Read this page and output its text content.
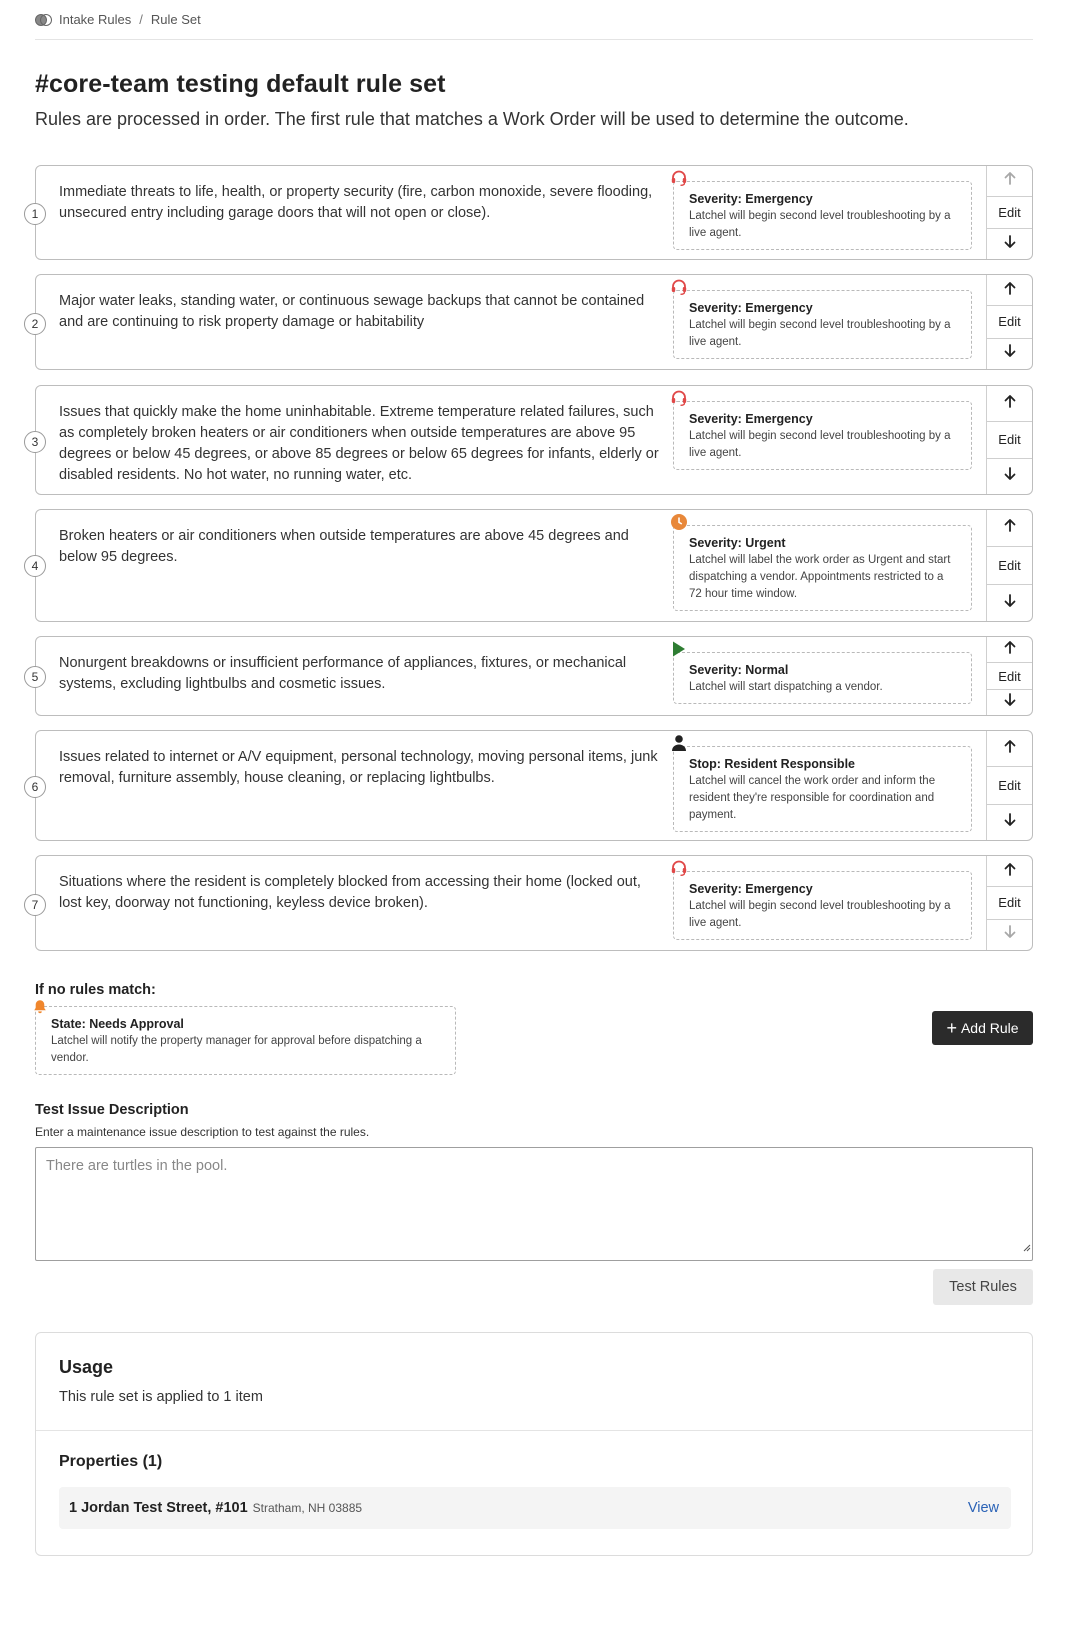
Intake Rules / Rule Set
#core-team testing default rule set

Rules are processed in order. The first rule that matches a Work Order will be used to determine the outcome.

1
Immediate threats to life, health, or property security (fire, carbon monoxide, severe flooding, unsecured entry including garage doors that will not open or close).
Severity: Emergency
Latchel will begin second level troubleshooting by a live agent.
Edit
2
Major water leaks, standing water, or continuous sewage backups that cannot be contained and are continuing to risk property damage or habitability
Severity: Emergency
Latchel will begin second level troubleshooting by a live agent.
Edit
3
Issues that quickly make the home uninhabitable. Extreme temperature related failures, such as completely broken heaters or air conditioners when outside temperatures are above 95 degrees or below 45 degrees, or above 85 degrees or below 65 degrees for infants, elderly or disabled residents. No hot water, no running water, etc.
Severity: Emergency
Latchel will begin second level troubleshooting by a live agent.
Edit
4
Broken heaters or air conditioners when outside temperatures are above 45 degrees and below 95 degrees.
Severity: Urgent
Latchel will label the work order as Urgent and start dispatching a vendor. Appointments restricted to a 72 hour time window.
Edit
5
Nonurgent breakdowns or insufficient performance of appliances, fixtures, or mechanical systems, excluding lightbulbs and cosmetic issues.
Severity: Normal
Latchel will start dispatching a vendor.
Edit
6
Issues related to internet or A/V equipment, personal technology, moving personal items, junk removal, furniture assembly, house cleaning, or replacing lightbulbs.
Stop: Resident Responsible
Latchel will cancel the work order and inform the resident they're responsible for coordination and payment.
Edit
7
Situations where the resident is completely blocked from accessing their home (locked out, lost key, doorway not functioning, keyless device broken).
Severity: Emergency
Latchel will begin second level troubleshooting by a live agent.
Edit
If no rules match:
State: Needs Approval
Latchel will notify the property manager for approval before dispatching a vendor.
+ Add Rule
Test Issue Description
Enter a maintenance issue description to test against the rules.
There are turtles in the pool.
Test Rules
Usage
This rule set is applied to 1 item
Properties (1)
1 Jordan Test Street, #101 Stratham, NH 03885	View
